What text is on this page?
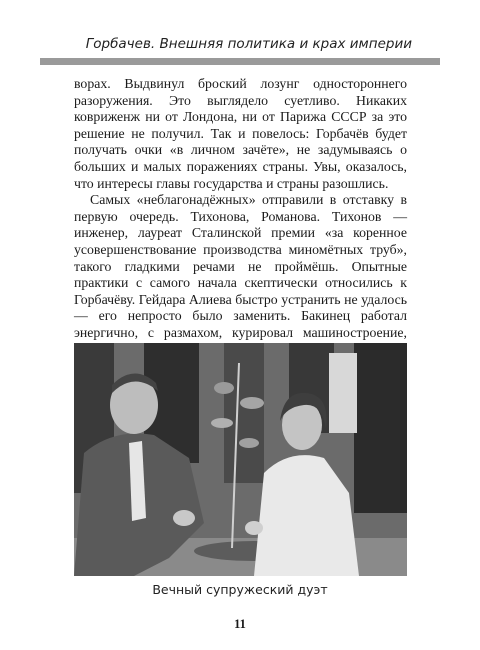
Горбачев. Внешняя политика и крах империи

ворах. Выдвинул броский лозунг одностороннего разоружения. Это выглядело суетливо. Никаких ковриженж ни от Лондона, ни от Парижа СССР за это решение не получил. Так и повелось: Горбачёв будет получать очки «в личном зачёте», не задумываясь о больших и малых поражениях страны. Увы, оказалось, что интересы главы государства и страны разошлись.

Самых «неблагонадёжных» отправили в отставку в первую очередь. Тихонова, Романова. Тихонов — инженер, лауреат Сталинской премии «за коренное усовершенствование производства миномётных труб», такого гладкими речами не проймёшь. Опытные практики с самого начала скептически относились к Горбачёву. Гейдара Алиева быстро устранить не удалось — его непросто было заменить. Бакинец работал энергично, с размахом, курировал машиностроение,

Вечный супружеский дуэт
11
